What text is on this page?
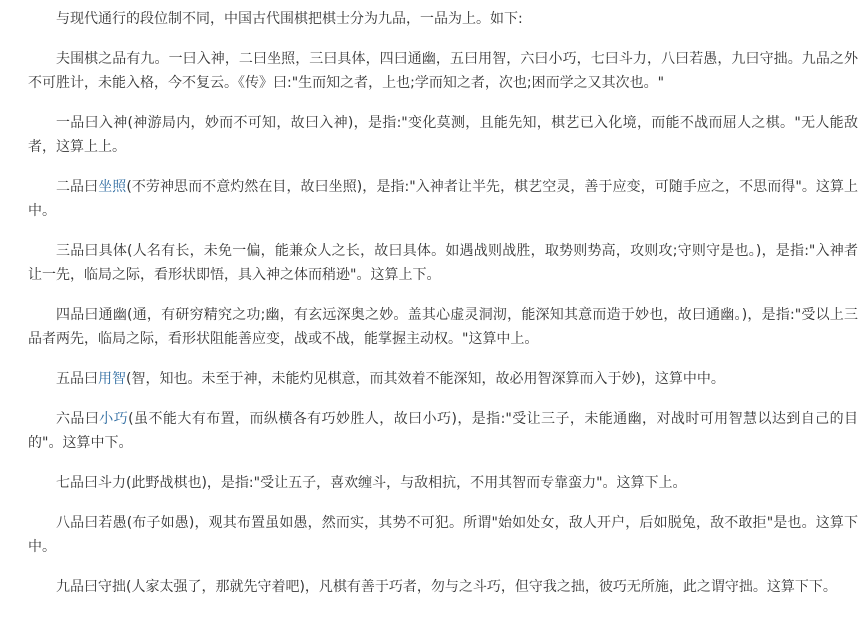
与现代通行的段位制不同，中国古代围棋把棋士分为九品，一品为上。如下:

夫围棋之品有九。一曰入神，二曰坐照，三曰具体，四曰通幽，五曰用智，六曰小巧，七曰斗力，八曰若愚，九曰守拙。九品之外不可胜计，未能入格，今不复云。《传》曰:"生而知之者，上也;学而知之者，次也;困而学之又其次也。"

一品曰入神(神游局内，妙而不可知，故曰入神)，是指:"变化莫测，且能先知，棋艺已入化境，而能不战而屈人之棋。"无人能敌者，这算上上。

二品曰坐照(不劳神思而不意灼然在目，故曰坐照)，是指:"入神者让半先，棋艺空灵，善于应变，可随手应之，不思而得"。这算上中。

三品曰具体(人名有长，未免一偏，能兼众人之长，故曰具体。如遇战则战胜，取势则势高，攻则攻;守则守是也。)，是指:"入神者让一先，临局之际，看形状即悟，具入神之体而稍逊"。这算上下。

四品曰通幽(通，有研穷精究之功;幽，有玄远深奥之妙。盖其心虚灵洞沏，能深知其意而造于妙也，故曰通幽。)，是指:"受以上三品者两先，临局之际，看形状阻能善应变，战或不战，能掌握主动权。"这算中上。

五品曰用智(智，知也。未至于神，未能灼见棋意，而其效着不能深知，故必用智深算而入于妙)，这算中中。

六品曰小巧(虽不能大有布置，而纵横各有巧妙胜人，故曰小巧)，是指:"受让三子，未能通幽，对战时可用智慧以达到自己的目的"。这算中下。

七品曰斗力(此野战棋也)，是指:"受让五子，喜欢缠斗，与敌相抗，不用其智而专靠蛮力"。这算下上。

八品曰若愚(布子如愚)，观其布置虽如愚，然而实，其势不可犯。所谓"始如处女，敌人开户，后如脱兔，敌不敢拒"是也。这算下中。

九品曰守拙(人家太强了，那就先守着吧)，凡棋有善于巧者，勿与之斗巧，但守我之拙，彼巧无所施，此之谓守拙。这算下下。
